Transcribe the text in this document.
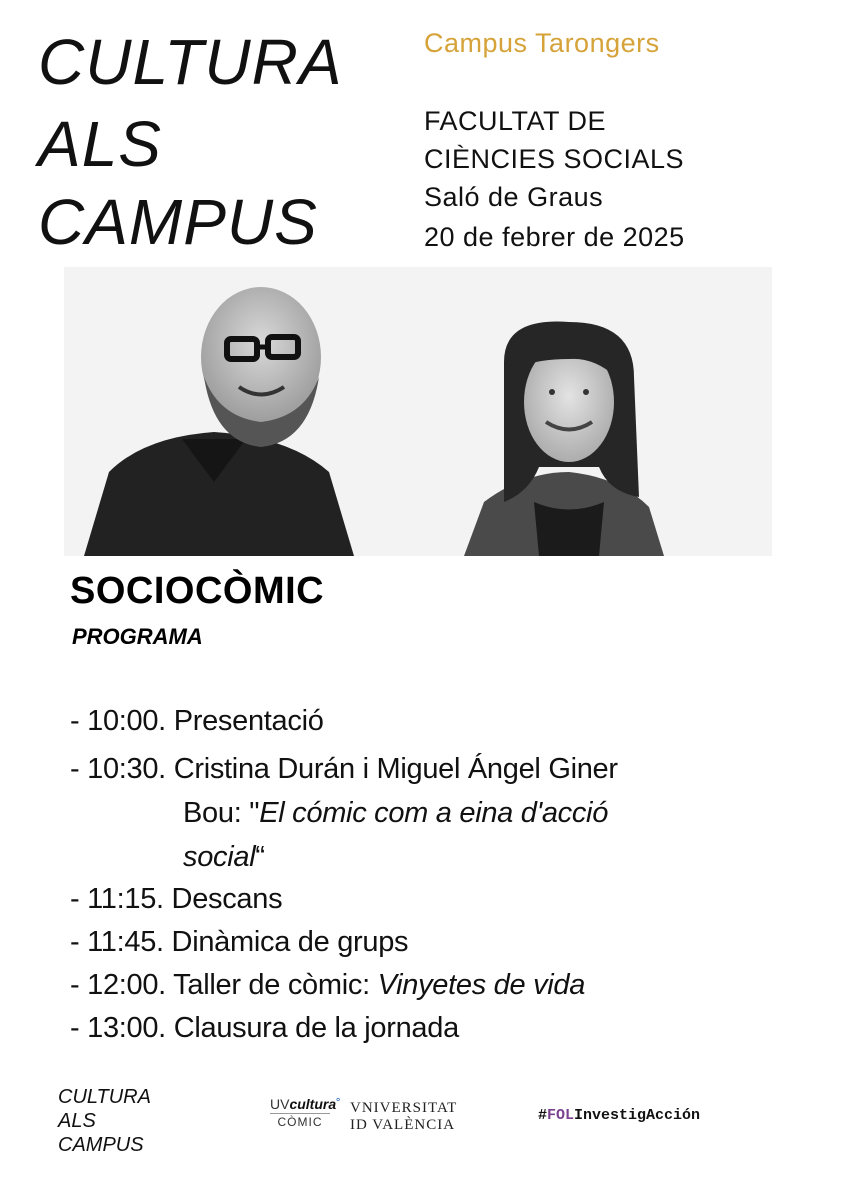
CULTURA
ALS
CAMPUS
Campus Tarongers
FACULTAT DE
CIÈNCIES SOCIALS
Saló de Graus
20 de febrer de 2025
SOCIOCÒMIC
PROGRAMA
- 10:00. Presentació
- 10:30. Cristina Durán i Miguel Ángel Giner
Bou: "El cómic com a eina d'acció
social“
- 11:15. Descans
- 11:45. Dinàmica de grups
- 12:00. Taller de còmic: Vinyetes de vida
- 13:00. Clausura de la jornada
CULTURA
ALS
CAMPUS
UVcultura˚
CÒMIC
VNIVERSITAT
ID VALÈNCIA
#FOLInvestigAcción
